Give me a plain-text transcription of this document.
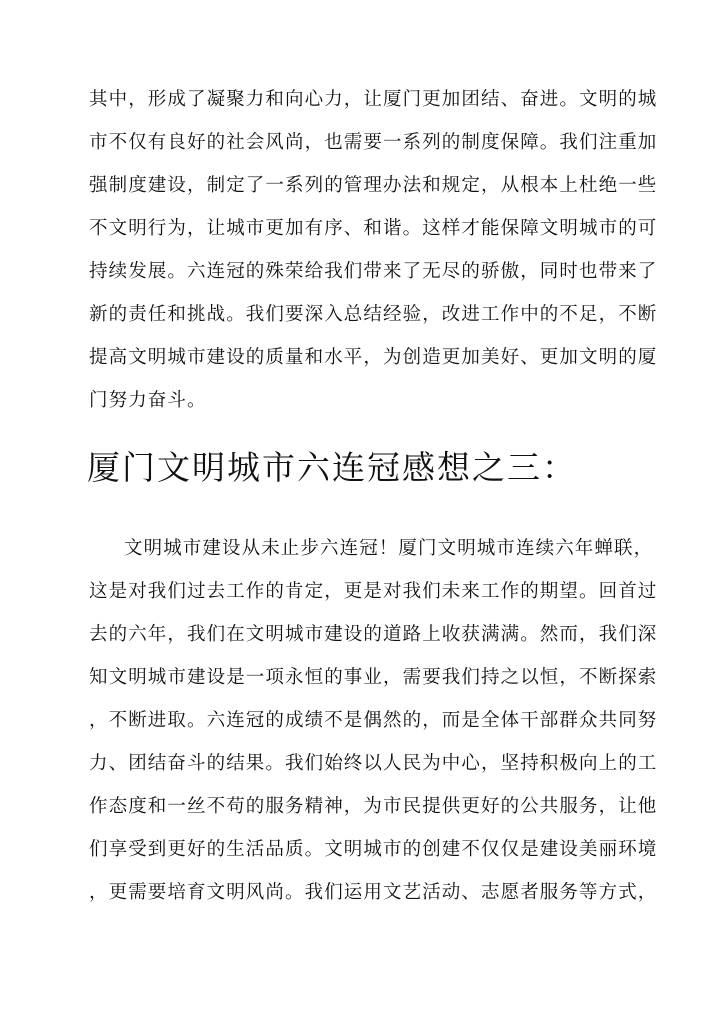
其中，形成了凝聚力和向心力，让厦门更加团结、奋进。文明的城
市不仅有良好的社会风尚，也需要一系列的制度保障。我们注重加
强制度建设，制定了一系列的管理办法和规定，从根本上杜绝一些
不文明行为，让城市更加有序、和谐。这样才能保障文明城市的可
持续发展。六连冠的殊荣给我们带来了无尽的骄傲，同时也带来了
新的责任和挑战。我们要深入总结经验，改进工作中的不足，不断
提高文明城市建设的质量和水平，为创造更加美好、更加文明的厦
门努力奋斗。
厦门文明城市六连冠感想之三：
文明城市建设从未止步六连冠！厦门文明城市连续六年蝉联，
这是对我们过去工作的肯定，更是对我们未来工作的期望。回首过
去的六年，我们在文明城市建设的道路上收获满满。然而，我们深
知文明城市建设是一项永恒的事业，需要我们持之以恒，不断探索
，不断进取。六连冠的成绩不是偶然的，而是全体干部群众共同努
力、团结奋斗的结果。我们始终以人民为中心，坚持积极向上的工
作态度和一丝不苟的服务精神，为市民提供更好的公共服务，让他
们享受到更好的生活品质。文明城市的创建不仅仅是建设美丽环境
，更需要培育文明风尚。我们运用文艺活动、志愿者服务等方式，
